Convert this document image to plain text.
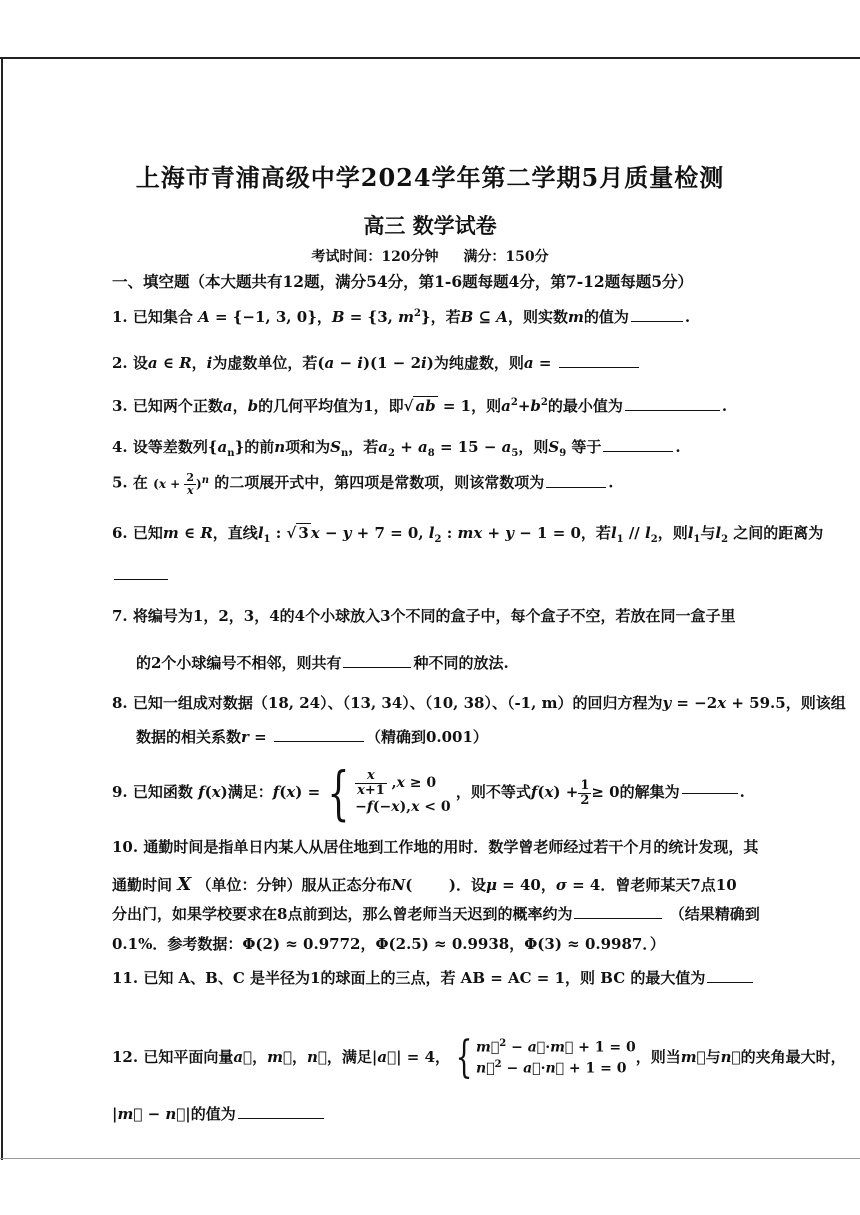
上海市青浦高级中学2024学年第二学期5月质量检测
高三 数学试卷
考试时间：120分钟 满分：150分
一、填空题（本大题共有12题，满分54分，第1-6题每题4分，第7-12题每题5分）
1. 已知集合 A = {−1, 3, 0}，B = {3, $m^2$}，若B ⊆ A，则实数m的值为	.
2. 设a ∈ R，i为虚数单位，若(a − i)(1 − 2i)为纯虚数，则a =
3. 已知两个正数a，b的几何平均值为1，即√ ab = 1，则$a^2+b^2$的最小值为	.
4. 设等差数列$\{a_n\}$的前n项和为$S_n$，若$a_2 + a_8 = 15 - a_5$，则$S_9$ 等于	.
5. 在 $(x + \frac{2}{x} )^n$ 的二项展开式中，第四项是常数项，则该常数项为	.
6. 已知m ∈ R，直线$l_1$ : √ 3 x − y + 7 = 0, $l_2$ : mx + y − 1 = 0，若$l_1 // l_2$，则$l_1$与$l_2$ 之间的距离为
7. 将编号为1，2，3，4的4个小球放入3个不同的盒子中，每个盒子不空，若放在同一盒子里
的2个小球编号不相邻，则共有	种不同的放法.
8. 已知一组成对数据（18, 24）、（13, 34）、（10, 38）、（-1, m）的回归方程为y = −2x + 59.5，则该组
数据的相关系数r =	（精确到0.001）
9. 已知函数
f ( x ) 满足： f ( x ) = { $\frac{x}{x+1} ,x \ge 0$
−f(−x),x < 0

，则不等式 f ( x ) + $\frac{1}{2} \ge 0$ 的解集为	.
10. 通勤时间是指单日内某人从居住地到工作地的用时．数学曾老师经过若干个月的统计发现，其
通勤时间 X （单位：分钟）服从正态分布N(       )．设μ = 40，σ = 4．曾老师某天7点10
分出门，如果学校要求在8点前到达，那么曾老师当天迟到的概率约为	（结果精确到
0.1%．参考数据：Φ(2) ≈ 0.9772，Φ(2.5) ≈ 0.9938，Φ(3) ≈ 0.9987．）
11. 已知 A、B、C 是半径为1的球面上的三点，若 AB = AC = 1，则 BC 的最大值为
12. 已知平面向量 a⃗ ， m⃗ ， n⃗ ，满足 | a⃗ | = 4， { m⃗$^2$ − a⃗·m⃗ + 1 = 0
n⃗$^2$ − a⃗·n⃗ + 1 = 0
，则当 m⃗ 与 n⃗ 的夹角最大时，
|m⃗ − n⃗|的值为
